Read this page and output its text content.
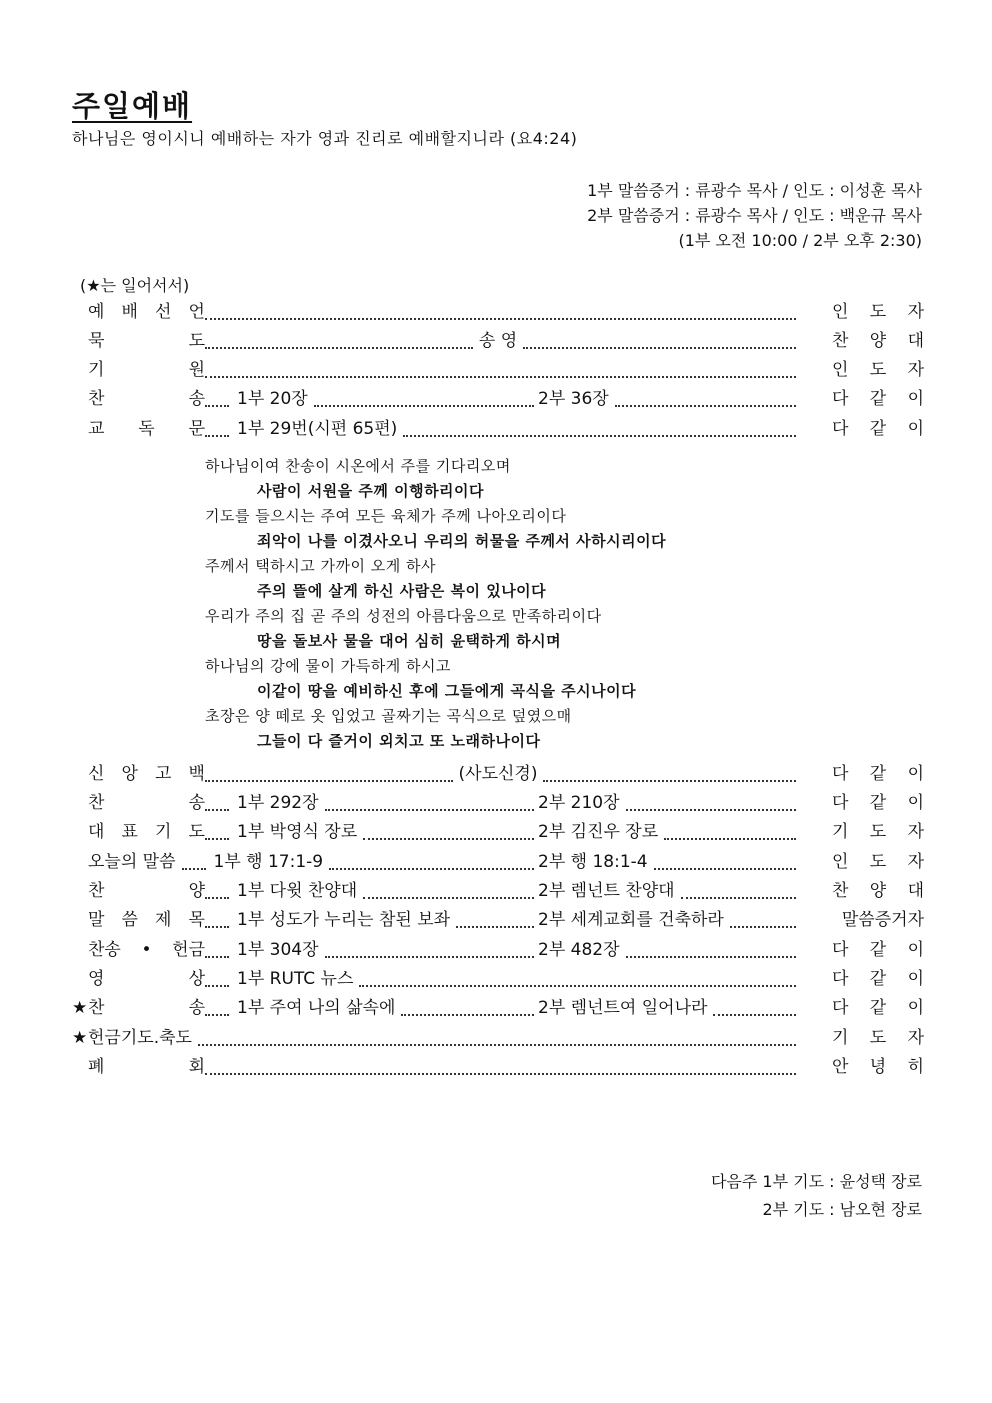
주일예배
하나님은 영이시니 예배하는 자가 영과 진리로 예배할지니라 (요4:24)
1부 말씀증거 : 류광수 목사 / 인도 : 이성훈 목사
2부 말씀증거 : 류광수 목사 / 인도 : 백운규 목사
(1부 오전 10:00 / 2부 오후 2:30)
(★는 일어서서)
예 배 선 언	인 도 자
묵	도	송 영	찬 양 대
기	원	인 도 자
찬	송 1부 20장	2부 36장	다 같 이
교 독 문 1부 29번(시편 65편)	다 같 이
하나님이여 찬송이 시온에서 주를 기다리오며
사람이 서원을 주께 이행하리이다
기도를 들으시는 주여 모든 육체가 주께 나아오리이다
죄악이 나를 이겼사오니 우리의 허물을 주께서 사하시리이다
주께서 택하시고 가까이 오게 하사
주의 뜰에 살게 하신 사람은 복이 있나이다
우리가 주의 집 곧 주의 성전의 아름다움으로 만족하리이다
땅을 돌보사 물을 대어 심히 윤택하게 하시며
하나님의 강에 물이 가득하게 하시고
이같이 땅을 예비하신 후에 그들에게 곡식을 주시나이다
초장은 양 떼로 옷 입었고 골짜기는 곡식으로 덮였으매
그들이 다 즐거이 외치고 또 노래하나이다
신 앙 고 백	(사도신경)	다 같 이
찬	송 1부 292장	2부 210장	다 같 이
대 표 기 도 1부 박영식 장로	2부 김진우 장로	기 도 자
오늘의 말씀 1부 행 17:1-9	2부 행 18:1-4	인 도 자
찬	양 1부 다윗 찬양대	2부 렘넌트 찬양대	찬 양 대
말 씀 제 목 1부 성도가 누리는 참된 보좌	2부 세계교회를 건축하라	말씀증거자
찬송 • 헌금 1부 304장	2부 482장	다 같 이
영	상 1부 RUTC 뉴스	다 같 이
★ 찬	송 1부 주여 나의 삶속에	2부 렘넌트여 일어나라	다 같 이
★ 헌금기도.축도	기 도 자
폐	회	안 녕 히
다음주 1부 기도 : 윤성택 장로
2부 기도 : 남오현 장로
